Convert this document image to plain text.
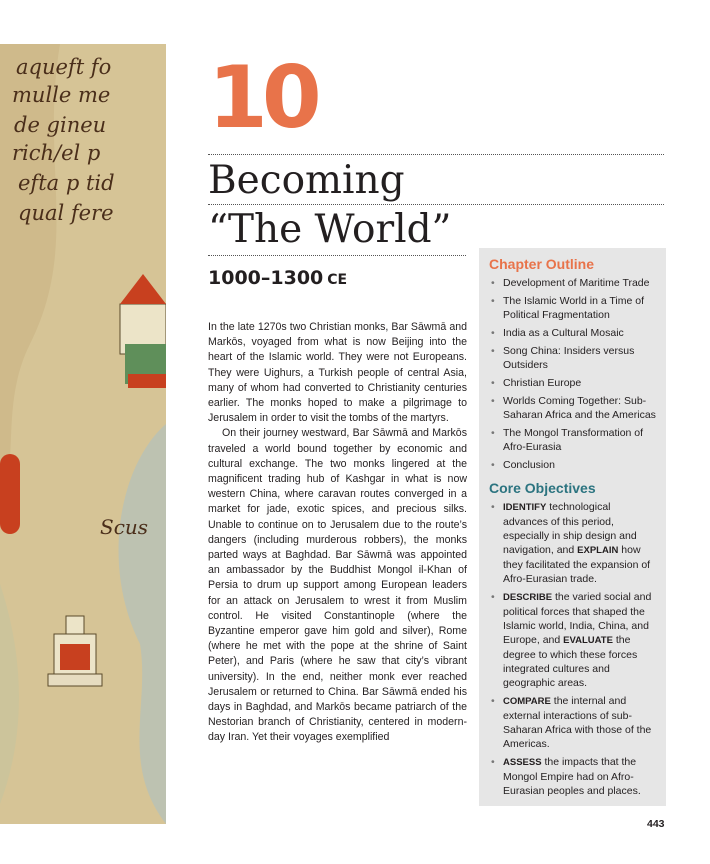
aqueft fo
mulle me
de gineu
rich/el p
efta p tid
qual fere
Scus
10
Becoming
“The World”
1000–1300 CE

In the late 1270s two Christian monks, Bar Sāwmā and Markōs, voyaged from what is now Beijing into the heart of the Islamic world. They were not Europeans. They were Uighurs, a Turkish people of central Asia, many of whom had converted to Christianity centuries earlier. The monks hoped to make a pilgrimage to Jerusalem in order to visit the tombs of the martyrs.

On their journey westward, Bar Sāwmā and Markōs traveled a world bound together by economic and cultural exchange. The two monks lingered at the magnificent trading hub of Kashgar in what is now western China, where caravan routes converged in a market for jade, exotic spices, and precious silks. Unable to continue on to Jerusalem due to the route’s dangers (including murderous robbers), the monks parted ways at Baghdad. Bar Sāwmā was appointed an ambassador by the Buddhist Mongol il-Khan of Persia to drum up support among European leaders for an attack on Jerusalem to wrest it from Muslim control. He visited Constantinople (where the Byzantine emperor gave him gold and silver), Rome (where he met with the pope at the shrine of Saint Peter), and Paris (where he saw that city’s vibrant university). In the end, neither monk ever reached Jerusalem or returned to China. Bar Sāwmā ended his days in Baghdad, and Markōs became patriarch of the Nestorian branch of Christianity, centered in modern-day Iran. Yet their voyages exemplified

Chapter Outline
• Development of Maritime Trade
• The Islamic World in a Time of Political Fragmentation
• India as a Cultural Mosaic
• Song China: Insiders versus Outsiders
• Christian Europe
• Worlds Coming Together: Sub-Saharan Africa and the Americas
• The Mongol Transformation of Afro-Eurasia
• Conclusion
Core Objectives
• IDENTIFY technological advances of this period, especially in ship design and navigation, and EXPLAIN how they facilitated the expansion of Afro-Eurasian trade.
• DESCRIBE the varied social and political forces that shaped the Islamic world, India, China, and Europe, and EVALUATE the degree to which these forces integrated cultures and geographic areas.
• COMPARE the internal and external interactions of sub-Saharan Africa with those of the Americas.
• ASSESS the impacts that the Mongol Empire had on Afro-Eurasian peoples and places.
443
